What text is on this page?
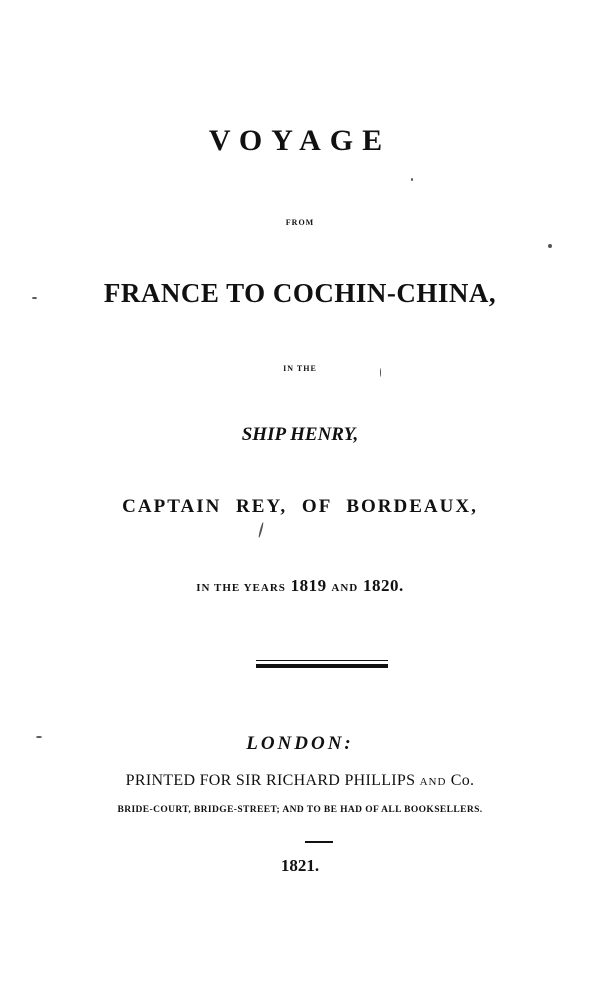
VOYAGE
FROM
FRANCE TO COCHIN-CHINA,
IN THE
SHIP HENRY,
CAPTAIN REY, OF BORDEAUX,
IN THE YEARS 1819 AND 1820.
LONDON:
PRINTED FOR SIR RICHARD PHILLIPS AND Co.
BRIDE-COURT, BRIDGE-STREET; AND TO BE HAD OF ALL BOOKSELLERS.
1821.
